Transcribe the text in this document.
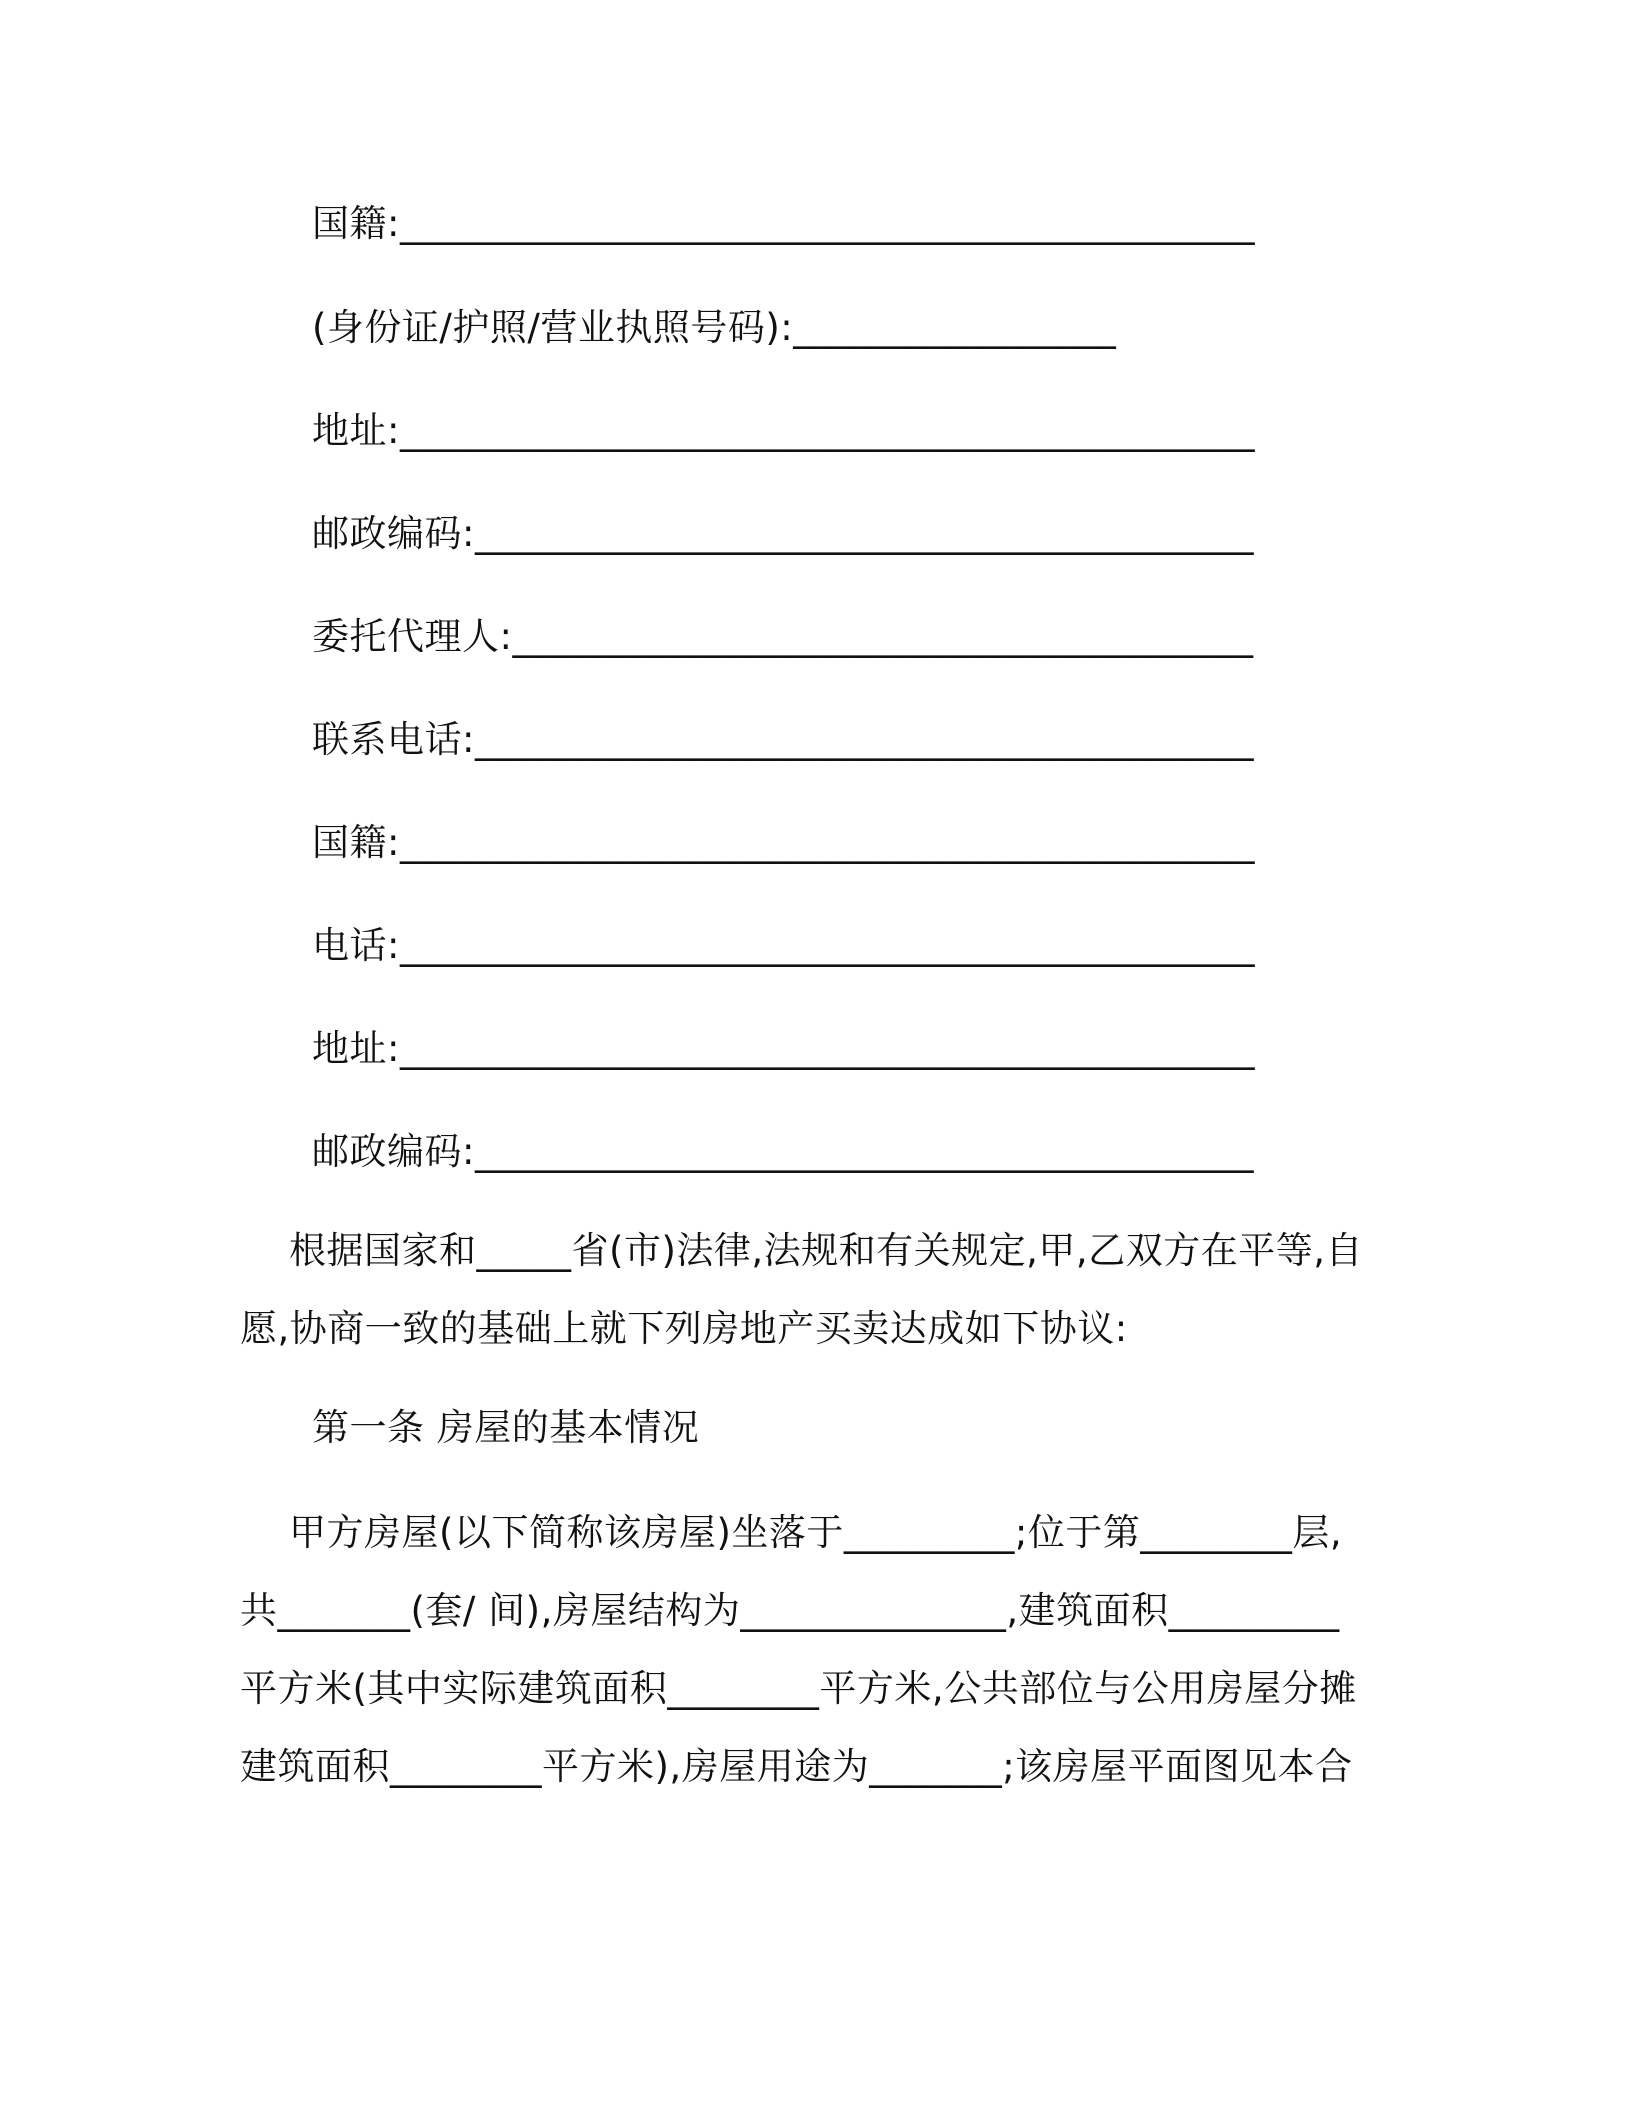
国籍:_____________________________________________
(身份证/护照/营业执照号码):_________________
地址:_____________________________________________
邮政编码:_________________________________________
委托代理人:_______________________________________
联系电话:_________________________________________
国籍:_____________________________________________
电话:_____________________________________________
地址:_____________________________________________
邮政编码:_________________________________________
根据国家和_____省(市)法律,法规和有关规定,甲,乙双方在平等,自
愿,协商一致的基础上就下列房地产买卖达成如下协议:
第一条 房屋的基本情况
甲方房屋(以下简称该房屋)坐落于_________;位于第________层,
共_______(套/ 间),房屋结构为______________,建筑面积_________
平方米(其中实际建筑面积________平方米,公共部位与公用房屋分摊
建筑面积________平方米),房屋用途为_______;该房屋平面图见本合
